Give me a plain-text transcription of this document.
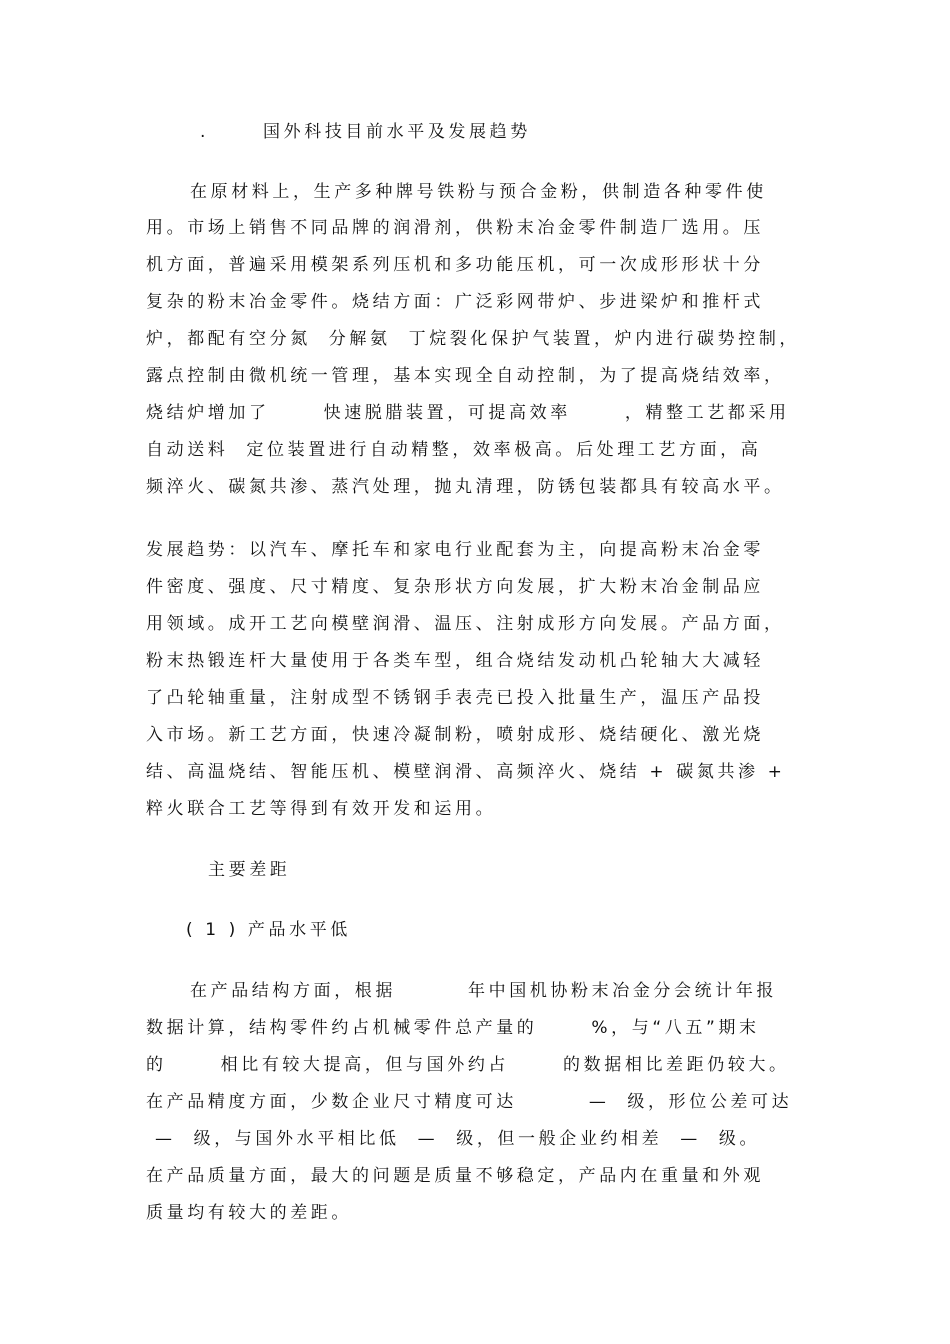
.      国外科技目前水平及发展趋势
在原材料上，生产多种牌号铁粉与预合金粉，供制造各种零件使
用。市场上销售不同品牌的润滑剂，供粉末冶金零件制造厂选用。压
机方面，普遍采用模架系列压机和多功能压机，可一次成形形状十分
复杂的粉末冶金零件。烧结方面：广泛彩网带炉、步进梁炉和推杆式
炉，都配有空分氮  分解氨  丁烷裂化保护气装置，炉内进行碳势控制，
露点控制由微机统一管理，基本实现全自动控制，为了提高烧结效率，
烧结炉增加了      快速脱腊装置，可提高效率      ，精整工艺都采用
自动送料  定位装置进行自动精整，效率极高。后处理工艺方面，高
频淬火、碳氮共渗、蒸汽处理，抛丸清理，防锈包装都具有较高水平。
发展趋势：以汽车、摩托车和家电行业配套为主，向提高粉末冶金零
件密度、强度、尺寸精度、复杂形状方向发展，扩大粉末冶金制品应
用领域。成开工艺向模壁润滑、温压、注射成形方向发展。产品方面，
粉末热锻连杆大量使用于各类车型，组合烧结发动机凸轮轴大大减轻
了凸轮轴重量，注射成型不锈钢手表壳已投入批量生产，温压产品投
入市场。新工艺方面，快速冷凝制粉，喷射成形、烧结硬化、激光烧
结、高温烧结、智能压机、模壁润滑、高频淬火、烧结 + 碳氮共渗 +
粹火联合工艺等得到有效开发和运用。
主要差距
( 1 ) 产品水平低
在产品结构方面，根据        年中国机协粉末冶金分会统计年报
数据计算，结构零件约占机械零件总产量的      %，与“八五”期末
的      相比有较大提高，但与国外约占      的数据相比差距仍较大。
在产品精度方面，少数企业尺寸精度可达        —  级，形位公差可达
—  级，与国外水平相比低  —  级，但一般企业约相差  —  级。
在产品质量方面，最大的问题是质量不够稳定，产品内在重量和外观
质量均有较大的差距。
